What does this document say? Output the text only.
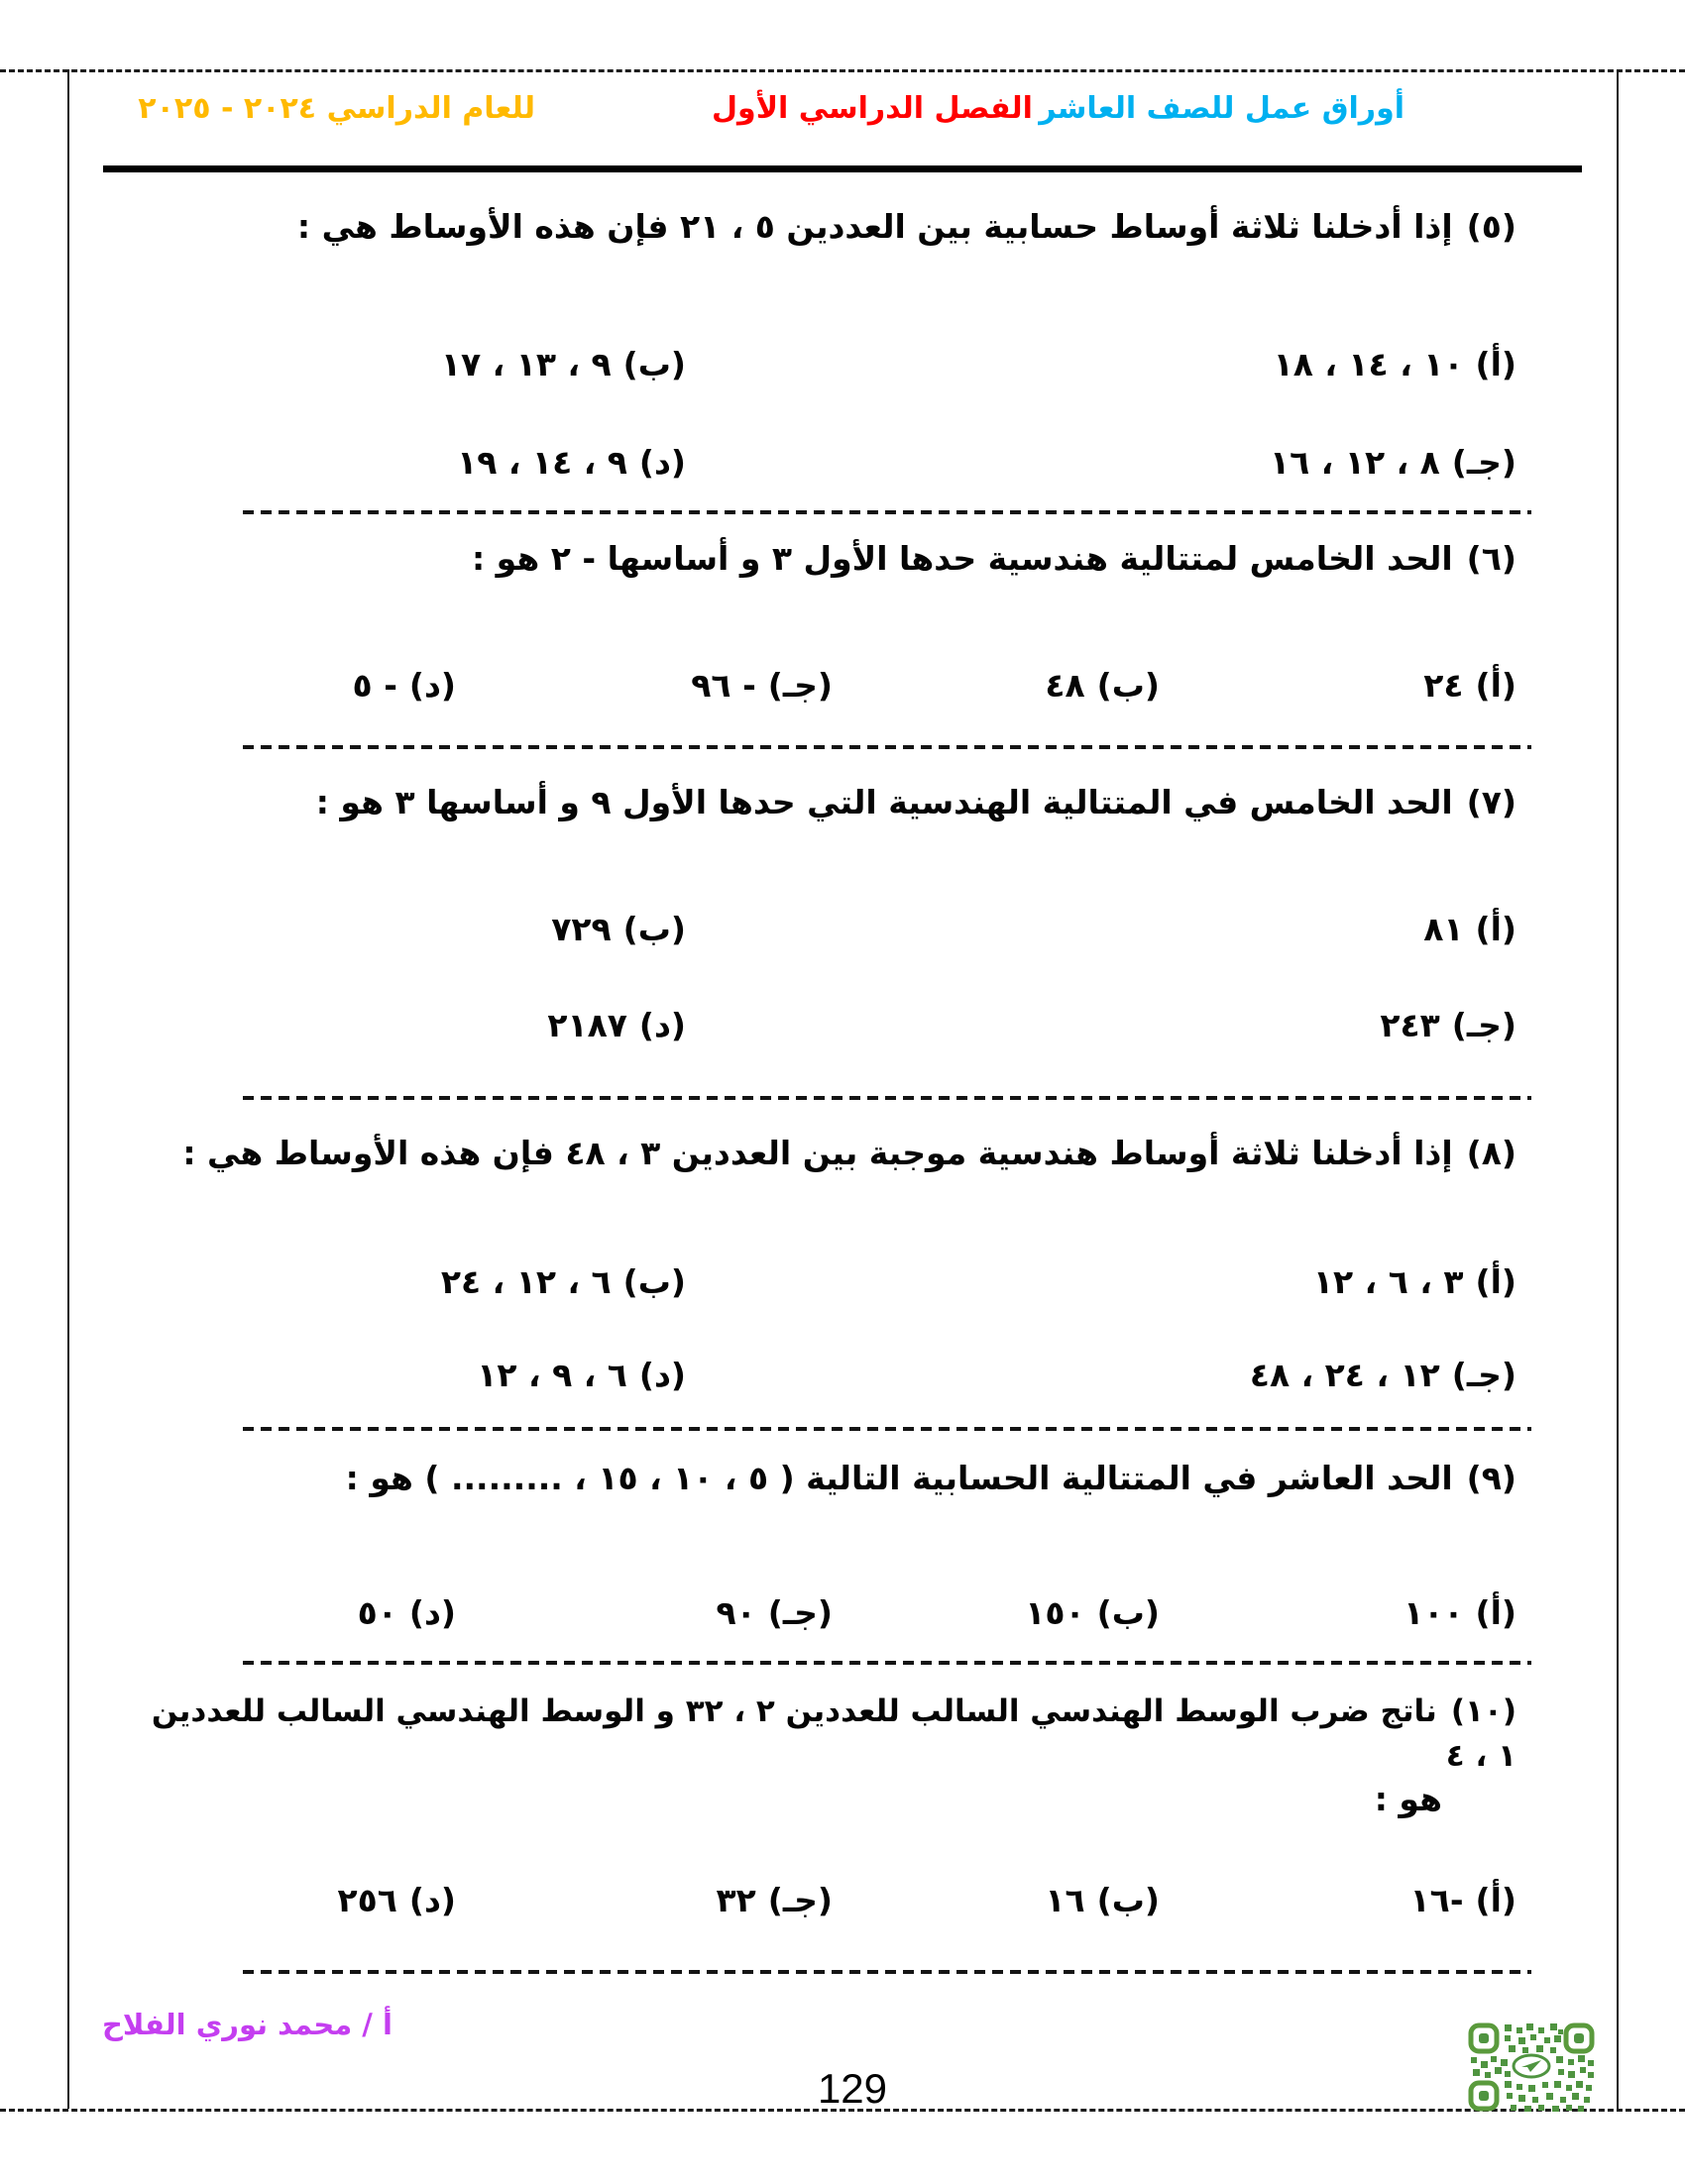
أوراق عمل للصف العاشر
الفصل الدراسي الأول
للعام الدراسي ٢٠٢٤ - ٢٠٢٥
(٥)إذا أدخلنا ثلاثة أوساط حسابية بين العددين ٥ ، ٢١ فإن هذه الأوساط هي :
(أ)١٠ ، ١٤ ، ١٨
(ب)٩ ، ١٣ ، ١٧
(جـ)٨ ، ١٢ ، ١٦
(د)٩ ، ١٤ ، ١٩
(٦)الحد الخامس لمتتالية هندسية حدها الأول ٣ و أساسها - ٢ هو :
(أ)٢٤
(ب)٤٨
(جـ)- ٩٦
(د)- ٥
(٧)الحد الخامس في المتتالية الهندسية التي حدها الأول ٩ و أساسها ٣ هو :
(أ)٨١
(ب)٧٢٩
(جـ)٢٤٣
(د)٢١٨٧
(٨)إذا أدخلنا ثلاثة أوساط هندسية موجبة بين العددين ٣ ، ٤٨ فإن هذه الأوساط هي :
(أ)٣ ، ٦ ، ١٢
(ب)٦ ، ١٢ ، ٢٤
(جـ)١٢ ، ٢٤ ، ٤٨
(د)٦ ، ٩ ، ١٢
(٩)الحد العاشر في المتتالية الحسابية التالية ( ٥ ، ١٠ ، ١٥ ، ......... ) هو :
(أ)١٠٠
(ب)١٥٠
(جـ)٩٠
(د)٥٠
(١٠)ناتج ضرب الوسط الهندسي السالب للعددين ٢ ، ٣٢ و الوسط الهندسي السالب للعددين ١ ، ٤
هو :
(أ)-١٦
(ب)١٦
(جـ)٣٢
(د)٢٥٦
أ / محمد نوري الفلاح
129
